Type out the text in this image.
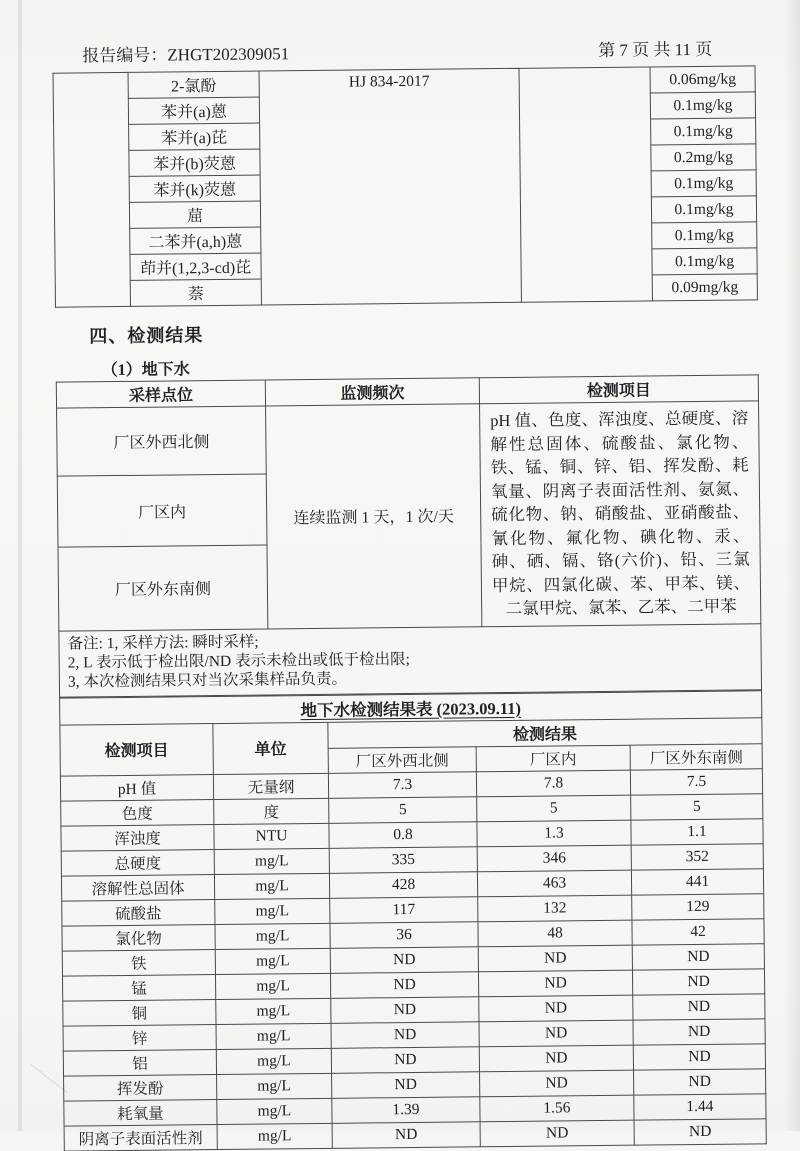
报告编号：ZHGT202309051	第 7 页 共 11 页
	2-氯酚	HJ 834-2017		0.06mg/kg
	苯并(a)蒽			0.1mg/kg
	苯并(a)芘			0.1mg/kg
	苯并(b)荧蒽			0.2mg/kg
	苯并(k)荧蒽			0.1mg/kg
	䓛			0.1mg/kg
	二苯并(a,h)蒽			0.1mg/kg
	茚并(1,2,3-cd)芘			0.1mg/kg
	萘			0.09mg/kg
四、检测结果
（1）地下水
采样点位	监测频次	检测项目
厂区外西北侧	连续监测 1 天，1 次/天	pH 值、色度、浑浊度、总硬度、溶解性总固体、硫酸盐、氯化物、铁、锰、铜、锌、铝、挥发酚、耗氧量、阴离子表面活性剂、氨氮、硫化物、钠、硝酸盐、亚硝酸盐、氰化物、氟化物、碘化物、汞、砷、硒、镉、铬(六价)、铅、三氯甲烷、四氯化碳、苯、甲苯、镁、二氯甲烷、氯苯、乙苯、二甲苯
厂区内		
厂区外东南侧		

备注: 1, 采样方法: 瞬时采样;
2, L 表示低于检出限/ND 表示未检出或低于检出限;
3, 本次检测结果只对当次采集样品负责。		
地下水检测结果表 (2023.09.11)				
检测项目	单位	检测结果		
		厂区外西北侧	厂区内	厂区外东南侧
pH 值	无量纲	7.3	7.8	7.5
色度	度	5	5	5
浑浊度	NTU	0.8	1.3	1.1
总硬度	mg/L	335	346	352
溶解性总固体	mg/L	428	463	441
硫酸盐	mg/L	117	132	129
氯化物	mg/L	36	48	42
铁	mg/L	ND	ND	ND
锰	mg/L	ND	ND	ND
铜	mg/L	ND	ND	ND
锌	mg/L	ND	ND	ND
铝	mg/L	ND	ND	ND
挥发酚	mg/L	ND	ND	ND
耗氧量	mg/L	1.39	1.56	1.44
阴离子表面活性剂	mg/L	ND	ND	ND
